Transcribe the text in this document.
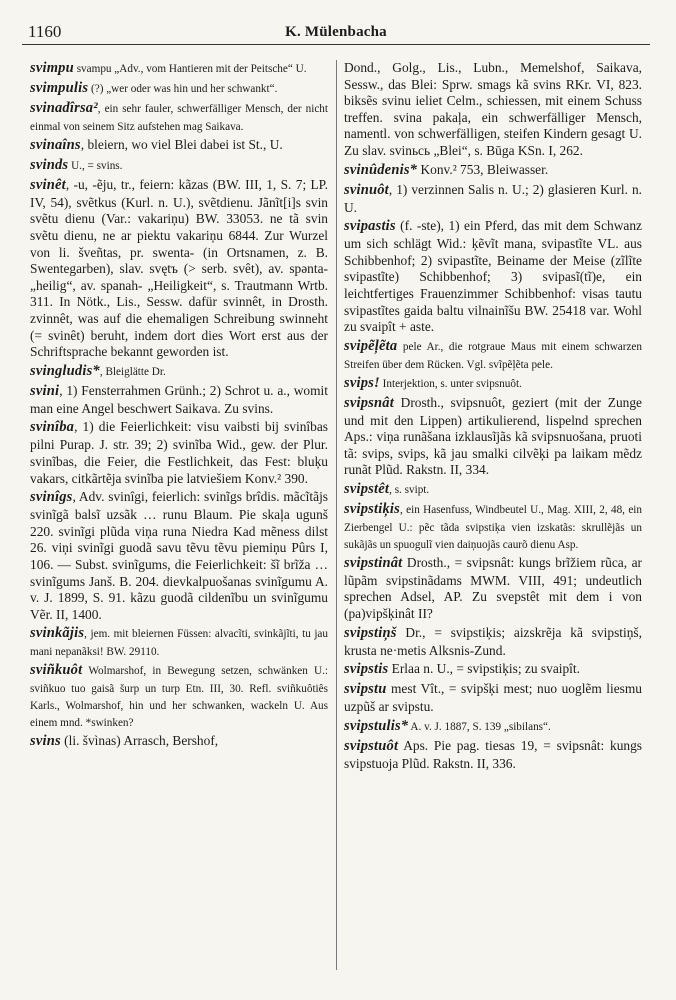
1160	K. Mülenbacha

svimpu svampu „Adv., vom Hantieren mit der Peitsche“ U.

svimpulis (?) „wer oder was hin und her schwankt“.

svinadîrsa², ein sehr fauler, schwerfälliger Mensch, der nicht einmal von seinem Sitz aufstehen mag Saikava.

svinaîns, bleiern, wo viel Blei dabei ist St., U.

svinds U., = svins.

svinêt, -u, -ẽju, tr., feiern: kãzas (BW. III, 1, S. 7; LP. IV, 54), svẽtkus (Kurl. n. U.), svẽtdienu. Jãnĩt[i]s svin svẽtu dienu (Var.: vakariņu) BW. 33053. ne tã svin svẽtu dienu, ne ar piektu vakariņu 6844. Zur Wurzel von li. šveñtas, pr. swenta- (in Ortsnamen, z. B. Swentegarben), slav. svętъ (> serb. svêt), av. spənta- „heilig“, av. spanah- „Heiligkeit“, s. Trautmann Wrtb. 311. In Nötk., Lis., Sessw. dafür svinnêt, in Drosth. zvinnêt, was auf die ehemaligen Schreibung swinneht (= svinêt) beruht, indem dort dies Wort erst aus der Schriftsprache bekannt geworden ist.

svingludis*, Bleiglätte Dr.

svini, 1) Fensterrahmen Grünh.; 2) Schrot u. a., womit man eine Angel beschwert Saikava. Zu svins.

svinîba, 1) die Feierlichkeit: visu vaibsti bij svinîbas pilni Purap. J. str. 39; 2) svinĩba Wid., gew. der Plur. svinĩbas, die Feier, die Festlichkeit, das Fest: bluķu vakars, citkãrtẽja svinĩba pie latviešiem Konv.² 390.

svinîgs, Adv. svinîgi, feierlich: svinĩgs brîdis. mãcĩtãjs svinĩgã balsĩ uzsãk … runu Blaum. Pie skaļa ugunš 220. svinĩgi plũda viņa runa Niedra Kad mẽness dilst 26. viņi svinĩgi guodã savu tẽvu tẽvu piemiņu Pûrs I, 106. — Subst. svinĩgums, die Feierlichkeit: šĩ brĩža … svinĩgums Janš. B. 204. dievkalpuošanas svinĩgumu A. v. J. 1899, S. 91. kãzu guodã cildenĩbu un svinĩgumu Vẽr. II, 1400.

svinkãjis, jem. mit bleiernen Füssen: alvacĩti, svinkãjĩti, tu jau mani nepanãksi! BW. 29110.

sviñkuôt Wolmarshof, in Bewegung setzen, schwänken U.: sviñkuo tuo gaisã šurp un turp Etn. III, 30. Refl. sviñkuôtiês Karls., Wolmarshof, hin und her schwanken, wackeln U. Aus einem mnd. *swinken?

svins (li. švìnas) Arrasch, Bershof,

Dond., Golg., Lis., Lubn., Memelshof, Saikava, Sessw., das Blei: Sprw. smags kã svins RKr. VI, 823. biksẽs svinu ieliet Celm., schiessen, mit einem Schuss treffen. svina pakaļa, ein schwerfälliger Mensch, namentl. von schwerfälligen, steifen Kindern gesagt U. Zu slav. svinьсь „Blei“, s. Būga KSn. I, 262.

svinûdenis* Konv.² 753, Bleiwasser.

svinuôt, 1) verzinnen Salis n. U.; 2) glasieren Kurl. n. U.

svipastis (f. -ste), 1) ein Pferd, das mit dem Schwanz um sich schlägt Wid.: ķẽvĩt mana, svipastĩte VL. aus Schibbenhof; 2) svipastĩte, Beiname der Meise (zĩlĩte svipastĩte) Schibbenhof; 3) svipasĩ(tĩ)e, ein leichtfertiges Frauenzimmer Schibbenhof: visas tautu svipastĩtes gaida baltu vilnainĩšu BW. 25418 var. Wohl zu svaipît + aste.

svipẽļẽta pele Ar., die rotgraue Maus mit einem schwarzen Streifen über dem Rücken. Vgl. svĩpẽļẽta pele.

svips! Interjektion, s. unter svipsnuôt.

svipsnât Drosth., svipsnuôt, geziert (mit der Zunge und mit den Lippen) artikulierend, lispelnd sprechen Aps.: viņa runãšana izklausĩjãs kã svipsnuošana, pruoti tã: svips, svips, kã jau smalki cilvẽķi pa laikam mẽdz runãt Plũd. Rakstn. II, 334.

svipstêt, s. svipt.

svipstiķis, ein Hasenfuss, Windbeutel U., Mag. XIII, 2, 48, ein Zierbengel U.: pẽc tãda svipstiķa vien izskatãs: skrullẽjãs un sukãjãs un spuogulĩ vien daiņuojãs caurõ dienu Asp.

svipstinât Drosth., = svipsnât: kungs brĩžiem rũca, ar lũpãm svipstinãdams MWM. VIII, 491; undeutlich sprechen Adsel, AP. Zu svepstêt mit dem i von (pa)vipšķinât II?

svipstiņš Dr., = svipstiķis; aizskrẽja kã svipstiņš, krusta ne·metis Alksnis-Zund.

svipstis Erlaa n. U., = svipstiķis; zu svaipît.

svipstu mest Vît., = svipšķi mest; nuo uoglẽm liesmu uzpũš ar svipstu.

svipstulis* A. v. J. 1887, S. 139 „sibilans“.

svipstuôt Aps. Pie pag. tiesas 19, = svipsnât: kungs svipstuoja Plũd. Rakstn. II, 336.
